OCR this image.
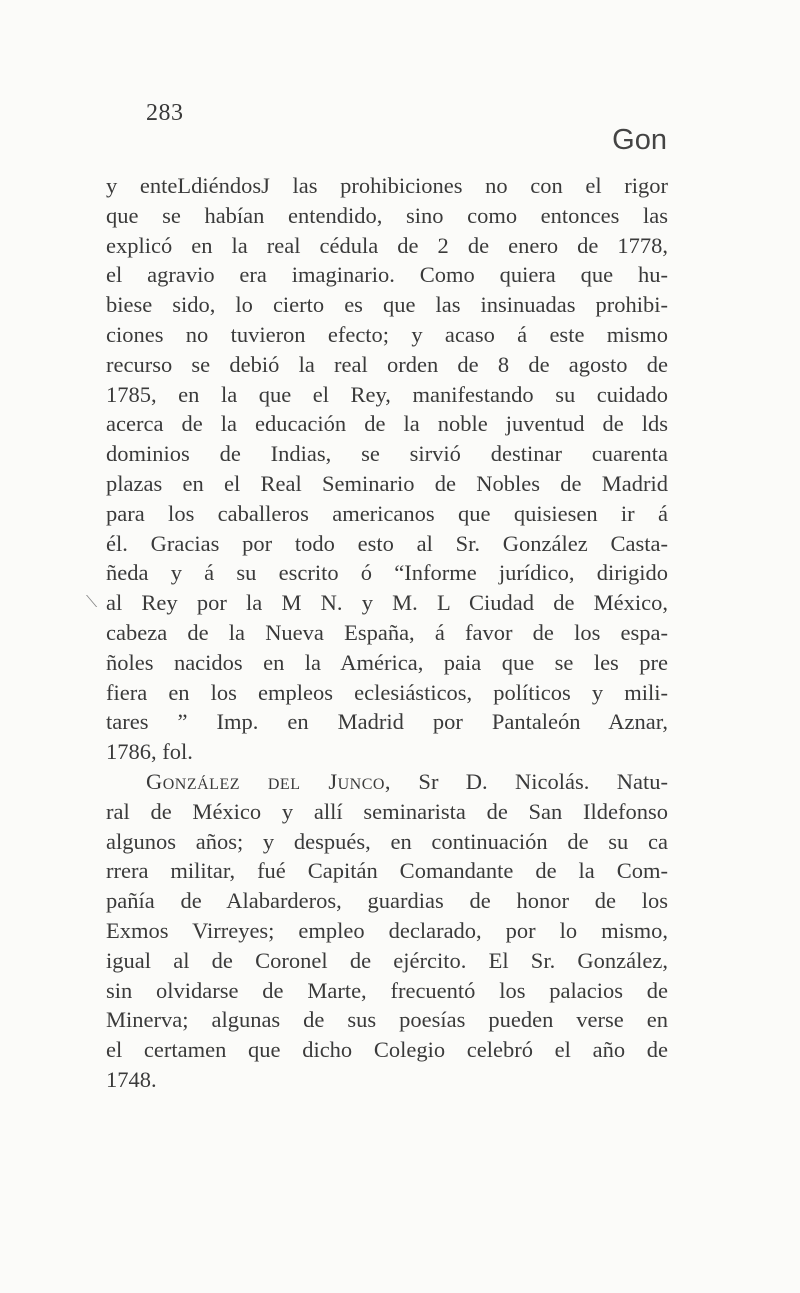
283
Gon
y enteLdiéndosJ las prohibiciones no con el rigor
que se habían entendido, sino como entonces las
explicó en la real cédula de 2 de enero de 1778,
el agravio era imaginario. Como quiera que hu-
biese sido, lo cierto es que las insinuadas prohibi-
ciones no tuvieron efecto; y acaso á este mismo
recurso se debió la real orden de 8 de agosto de
1785, en la que el Rey, manifestando su cuidado
acerca de la educación de la noble juventud de lds
dominios de Indias, se sirvió destinar cuarenta
plazas en el Real Seminario de Nobles de Madrid
para los caballeros americanos que quisiesen ir á
él. Gracias por todo esto al Sr. González Casta-
ñeda y á su escrito ó “Informe jurídico, dirigido
al Rey por la M N. y M. L Ciudad de México,
cabeza de la Nueva España, á favor de los espa-
ñoles nacidos en la América, paia que se les pre
fiera en los empleos eclesiásticos, políticos y mili-
tares ” Imp. en Madrid por Pantaleón Aznar,
1786, fol.
González del Junco, Sr D. Nicolás. Natu-
ral de México y allí seminarista de San Ildefonso
algunos años; y después, en continuación de su ca
rrera militar, fué Capitán Comandante de la Com-
pañía de Alabarderos, guardias de honor de los
Exmos Virreyes; empleo declarado, por lo mismo,
igual al de Coronel de ejército. El Sr. González,
sin olvidarse de Marte, frecuentó los palacios de
Minerva; algunas de sus poesías pueden verse en
el certamen que dicho Colegio celebró el año de
1748.
⟍
